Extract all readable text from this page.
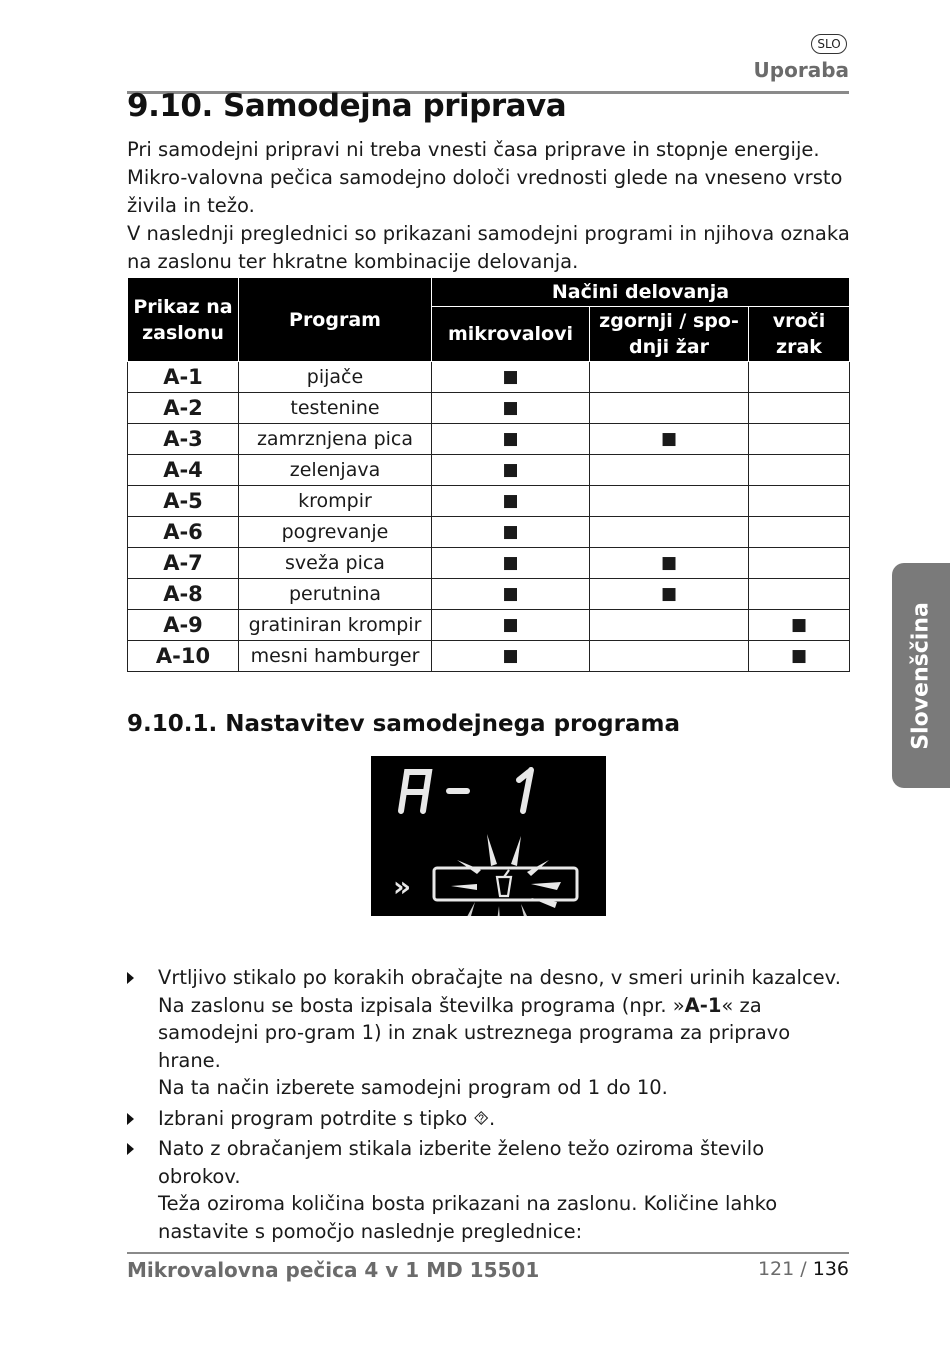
SLO
Uporaba
9.10. Samodejna priprava

Pri samodejni pripravi ni treba vnesti časa priprave in stopnje energije. Mikro-valovna pečica samodejno določi vrednosti glede na vneseno vrsto živila in težo.

V naslednji preglednici so prikazani samodejni programi in njihova oznaka na zaslonu ter hkratne kombinacije delovanja.

Prikaz na zaslonu	Program	Načini delovanja		
		mikrovalovi	zgornji / spo-dnji žar	vroči zrak
A-1	pijače	■		
A-2	testenine	■		
A-3	zamrznjena pica	■	■	
A-4	zelenjava	■		
A-5	krompir	■		
A-6	pogrevanje	■		
A-7	sveža pica	■	■	
A-8	perutnina	■	■	
A-9	gratiniran krompir	■		■
A-10	mesni hamburger	■		■
9.10.1. Nastavitev samodejnega programa
»
Vrtljivo stikalo po korakih obračajte na desno, v smeri urinih kazalcev. Na zaslonu se bosta izpisala številka programa (npr. »A-1« za samodejni pro-gram 1) in znak ustreznega programa za pripravo hrane.
Na ta način izberete samodejni program od 1 do 10.
Izbrani program potrdite s tipko ⯑.
Nato z obračanjem stikala izberite želeno težo oziroma število obrokov.
Teža oziroma količina bosta prikazani na zaslonu. Količine lahko nastavite s pomočjo naslednje preglednice:
Slovenščina
Mikrovalovna pečica 4 v 1 MD 15501	121 / 136
